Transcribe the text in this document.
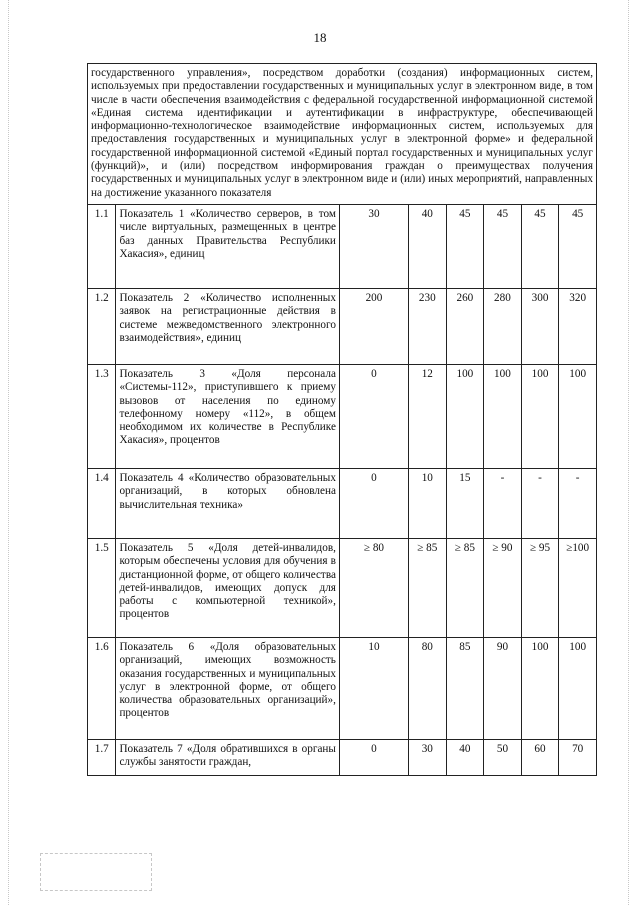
18
государственного управления», посредством доработки (создания) информационных систем, используемых при предоставлении государственных и муниципальных услуг в электронном виде, в том числе в части обеспечения взаимодействия с федеральной государственной информационной системой «Единая система идентификации и аутентификации в инфраструктуре, обеспечивающей информационно-технологическое взаимодействие информационных систем, используемых для предоставления государственных и муниципальных услуг в электронной форме» и федеральной государственной информационной системой «Единый портал государственных и муниципальных услуг (функций)», и (или) посредством информирования граждан о преимуществах получения государственных и муниципальных услуг в электронном виде и (или) иных мероприятий, направленных на достижение указанного показателя							
1.1	Показатель 1 «Количество серверов, в том числе виртуальных, размещенных в центре баз данных Правительства Республики Хакасия», единиц	30	40	45	45	45	45
1.2	Показатель 2 «Количество исполненных заявок на регистрационные действия в системе межведомственного электронного взаимодействия», единиц	200	230	260	280	300	320
1.3	Показатель 3 «Доля персонала «Системы-112», приступившего к приему вызовов от населения по единому телефонному номеру «112», в общем необходимом их количестве в Республике Хакасия», процентов	0	12	100	100	100	100
1.4	Показатель 4 «Количество образовательных организаций, в которых обновлена вычислительная техника»	0	10	15	-	-	-
1.5	Показатель 5 «Доля детей-инвалидов, которым обеспечены условия для обучения в дистанционной форме, от общего количества детей-инвалидов, имеющих допуск для работы с компьютерной техникой», процентов	≥ 80	≥ 85	≥ 85	≥ 90	≥ 95	≥100
1.6	Показатель 6 «Доля образовательных организаций, имеющих возможность оказания государственных и муниципальных услуг в электронной форме, от общего количества образовательных организаций», процентов	10	80	85	90	100	100
1.7	Показатель 7 «Доля обратившихся в органы службы занятости граждан,	0	30	40	50	60	70
